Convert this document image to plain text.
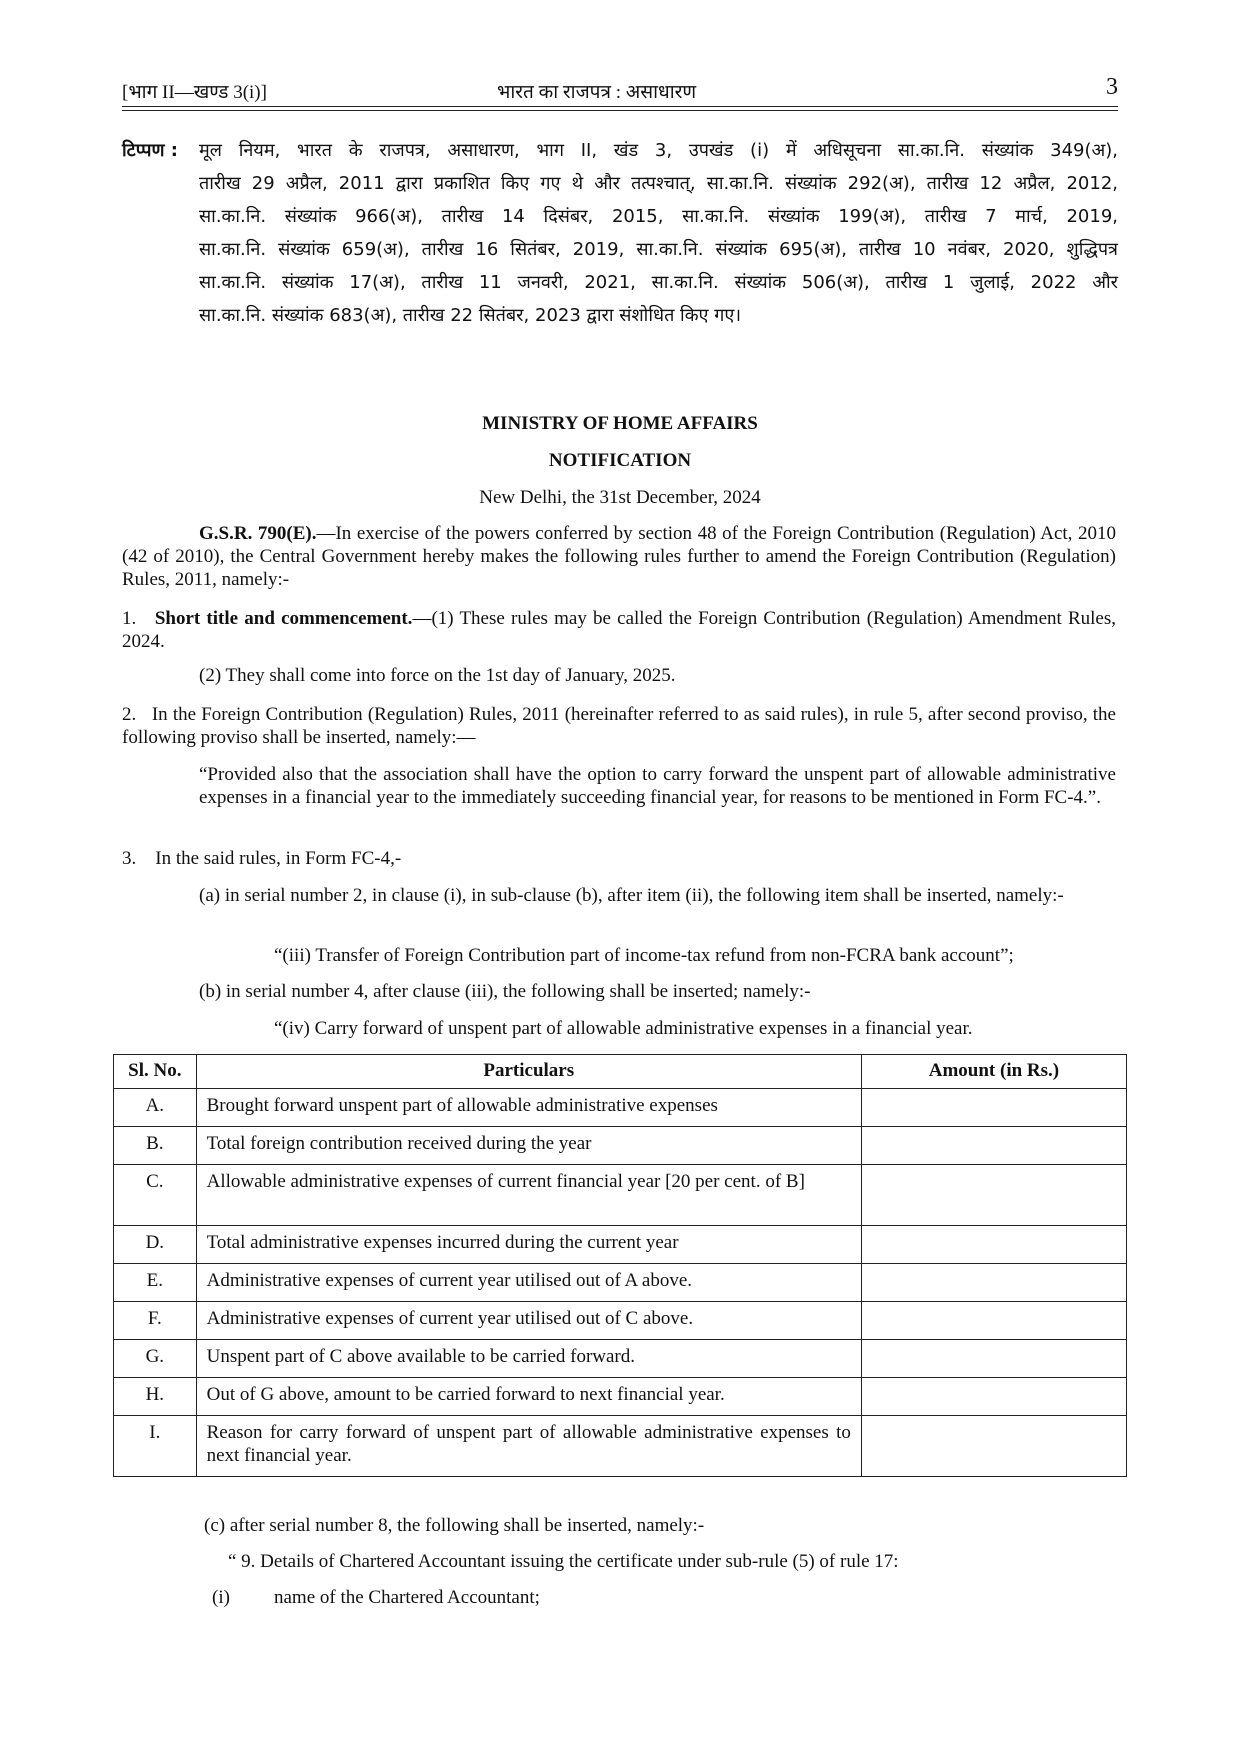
[भाग II—खण्ड 3(i)]	भारत का राजपत्र : असाधारण	3
टिप्पण : मूल नियम, भारत के राजपत्र, असाधारण, भाग II, खंड 3, उपखंड (i) में अधिसूचना सा.का.नि. संख्यांक 349(अ),
तारीख 29 अप्रैल, 2011 द्वारा प्रकाशित किए गए थे और तत्पश्चात्, सा.का.नि. संख्यांक 292(अ), तारीख 12 अप्रैल, 2012,
सा.का.नि. संख्यांक 966(अ), तारीख 14 दिसंबर, 2015, सा.का.नि. संख्यांक 199(अ), तारीख 7 मार्च, 2019,
सा.का.नि. संख्यांक 659(अ), तारीख 16 सितंबर, 2019, सा.का.नि. संख्यांक 695(अ), तारीख 10 नवंबर, 2020, शुद्धिपत्र
सा.का.नि. संख्यांक 17(अ), तारीख 11 जनवरी, 2021, सा.का.नि. संख्यांक 506(अ), तारीख 1 जुलाई, 2022 और
सा.का.नि. संख्यांक 683(अ), तारीख 22 सितंबर, 2023 द्वारा संशोधित किए गए।
MINISTRY OF HOME AFFAIRS
NOTIFICATION
New Delhi, the 31st December, 2024
G.S.R. 790(E).—In exercise of the powers conferred by section 48 of the Foreign Contribution (Regulation) Act, 2010 (42 of 2010), the Central Government hereby makes the following rules further to amend the Foreign Contribution (Regulation) Rules, 2011, namely:-
1. Short title and commencement.—(1) These rules may be called the Foreign Contribution (Regulation) Amendment Rules, 2024.
(2) They shall come into force on the 1st day of January, 2025.
2. In the Foreign Contribution (Regulation) Rules, 2011 (hereinafter referred to as said rules), in rule 5, after second proviso, the following proviso shall be inserted, namely:—
“Provided also that the association shall have the option to carry forward the unspent part of allowable administrative expenses in a financial year to the immediately succeeding financial year, for reasons to be mentioned in Form FC-4.”.
3. In the said rules, in Form FC-4,-
(a) in serial number 2, in clause (i), in sub-clause (b), after item (ii), the following item shall be inserted, namely:-
“(iii) Transfer of Foreign Contribution part of income-tax refund from non-FCRA bank account”;
(b) in serial number 4, after clause (iii), the following shall be inserted; namely:-
“(iv) Carry forward of unspent part of allowable administrative expenses in a financial year.
Sl. No.	Particulars	Amount (in Rs.)
A.	Brought forward unspent part of allowable administrative expenses	
B.	Total foreign contribution received during the year	
C.	Allowable administrative expenses of current financial year [20 per cent. of B]	
D.	Total administrative expenses incurred during the current year	
E.	Administrative expenses of current year utilised out of A above.	
F.	Administrative expenses of current year utilised out of C above.	
G.	Unspent part of C above available to be carried forward.	
H.	Out of G above, amount to be carried forward to next financial year.	
I.	Reason for carry forward of unspent part of allowable administrative expenses to next financial year.	
(c) after serial number 8, the following shall be inserted, namely:-
“ 9. Details of Chartered Accountant issuing the certificate under sub-rule (5) of rule 17:
(i) name of the Chartered Accountant;
